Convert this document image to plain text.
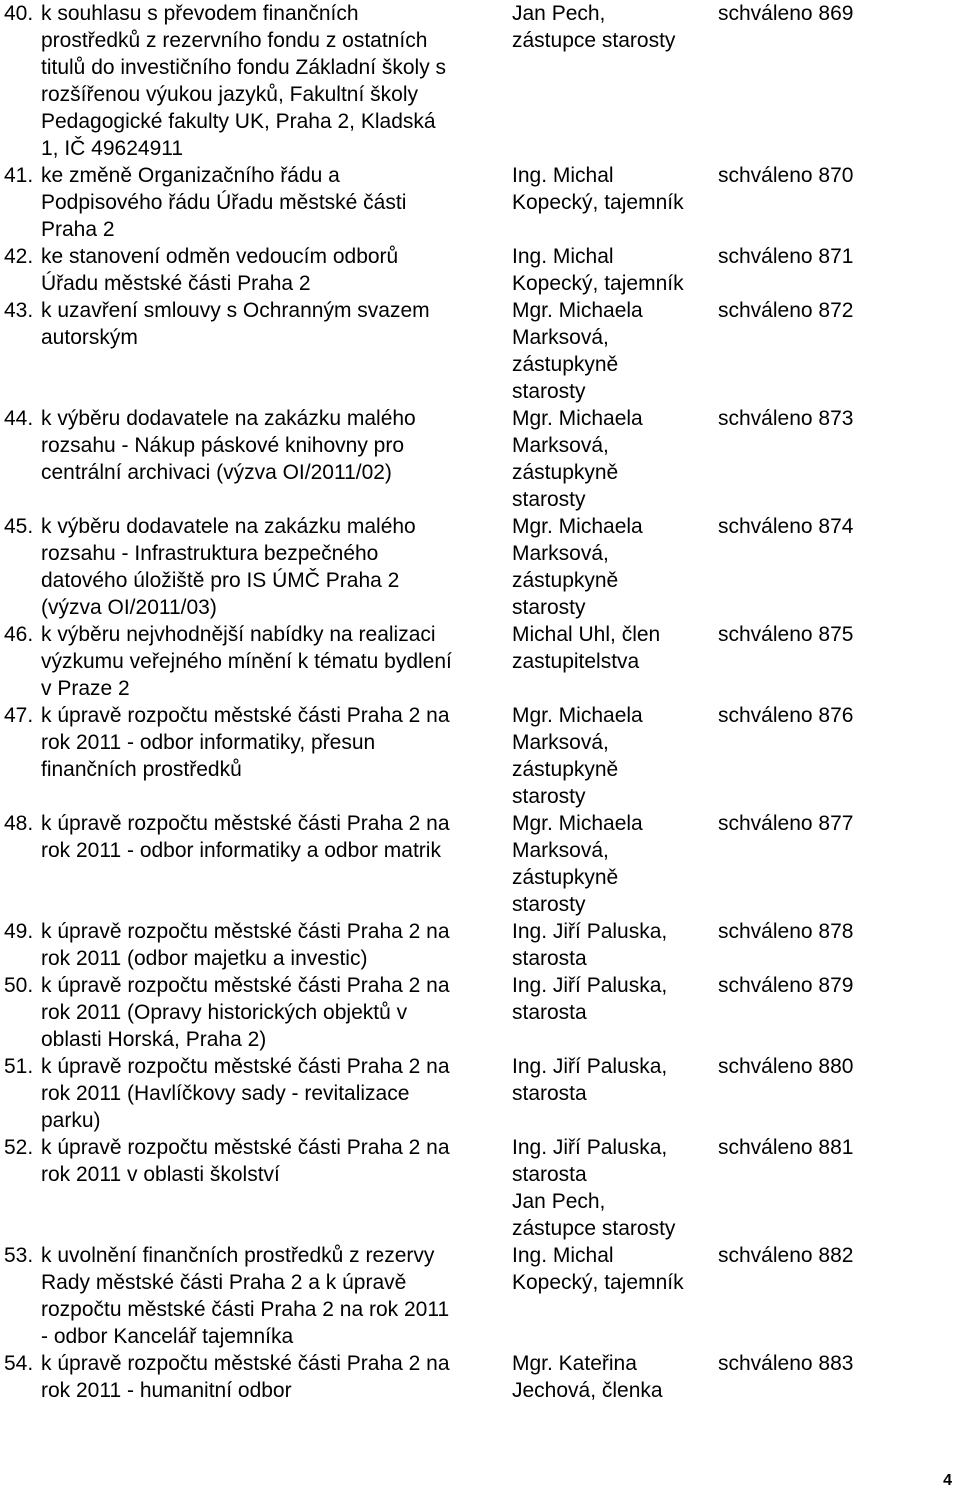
40. k souhlasu s převodem finančních
prostředků z rezervního fondu z ostatních
titulů do investičního fondu Základní školy s
rozšířenou výukou jazyků, Fakultní školy
Pedagogické fakulty UK, Praha 2, Kladská
1, IČ 49624911
Jan Pech,
zástupce starosty
schváleno 869
41. ke změně Organizačního řádu a
Podpisového řádu Úřadu městské části
Praha 2
Ing. Michal
Kopecký, tajemník
schváleno 870
42. ke stanovení odměn vedoucím odborů
Úřadu městské části Praha 2
Ing. Michal
Kopecký, tajemník
schváleno 871
43. k uzavření smlouvy s Ochranným svazem
autorským
Mgr. Michaela
Marksová,
zástupkyně
starosty
schváleno 872
44. k výběru dodavatele na zakázku malého
rozsahu - Nákup páskové knihovny pro
centrální archivaci (výzva OI/2011/02)
Mgr. Michaela
Marksová,
zástupkyně
starosty
schváleno 873
45. k výběru dodavatele na zakázku malého
rozsahu - Infrastruktura bezpečného
datového úložiště pro IS ÚMČ Praha 2
(výzva OI/2011/03)
Mgr. Michaela
Marksová,
zástupkyně
starosty
schváleno 874
46. k výběru nejvhodnější nabídky na realizaci
výzkumu veřejného mínění k tématu bydlení
v Praze 2
Michal Uhl, člen
zastupitelstva
schváleno 875
47. k úpravě rozpočtu městské části Praha 2 na
rok 2011 - odbor informatiky, přesun
finančních prostředků
Mgr. Michaela
Marksová,
zástupkyně
starosty
schváleno 876
48. k úpravě rozpočtu městské části Praha 2 na
rok 2011 - odbor informatiky a odbor matrik
Mgr. Michaela
Marksová,
zástupkyně
starosty
schváleno 877
49. k úpravě rozpočtu městské části Praha 2 na
rok 2011 (odbor majetku a investic)
Ing. Jiří Paluska,
starosta
schváleno 878
50. k úpravě rozpočtu městské části Praha 2 na
rok 2011 (Opravy historických objektů v
oblasti Horská, Praha 2)
Ing. Jiří Paluska,
starosta
schváleno 879
51. k úpravě rozpočtu městské části Praha 2 na
rok 2011 (Havlíčkovy sady - revitalizace
parku)
Ing. Jiří Paluska,
starosta
schváleno 880
52. k úpravě rozpočtu městské části Praha 2 na
rok 2011 v oblasti školství
Ing. Jiří Paluska,
starosta
Jan Pech,
zástupce starosty
schváleno 881
53. k uvolnění finančních prostředků z rezervy
Rady městské části Praha 2 a k úpravě
rozpočtu městské části Praha 2 na rok 2011
- odbor Kancelář tajemníka
Ing. Michal
Kopecký, tajemník
schváleno 882
54. k úpravě rozpočtu městské části Praha 2 na
rok 2011 - humanitní odbor
Mgr. Kateřina
Jechová, členka
schváleno 883
4
